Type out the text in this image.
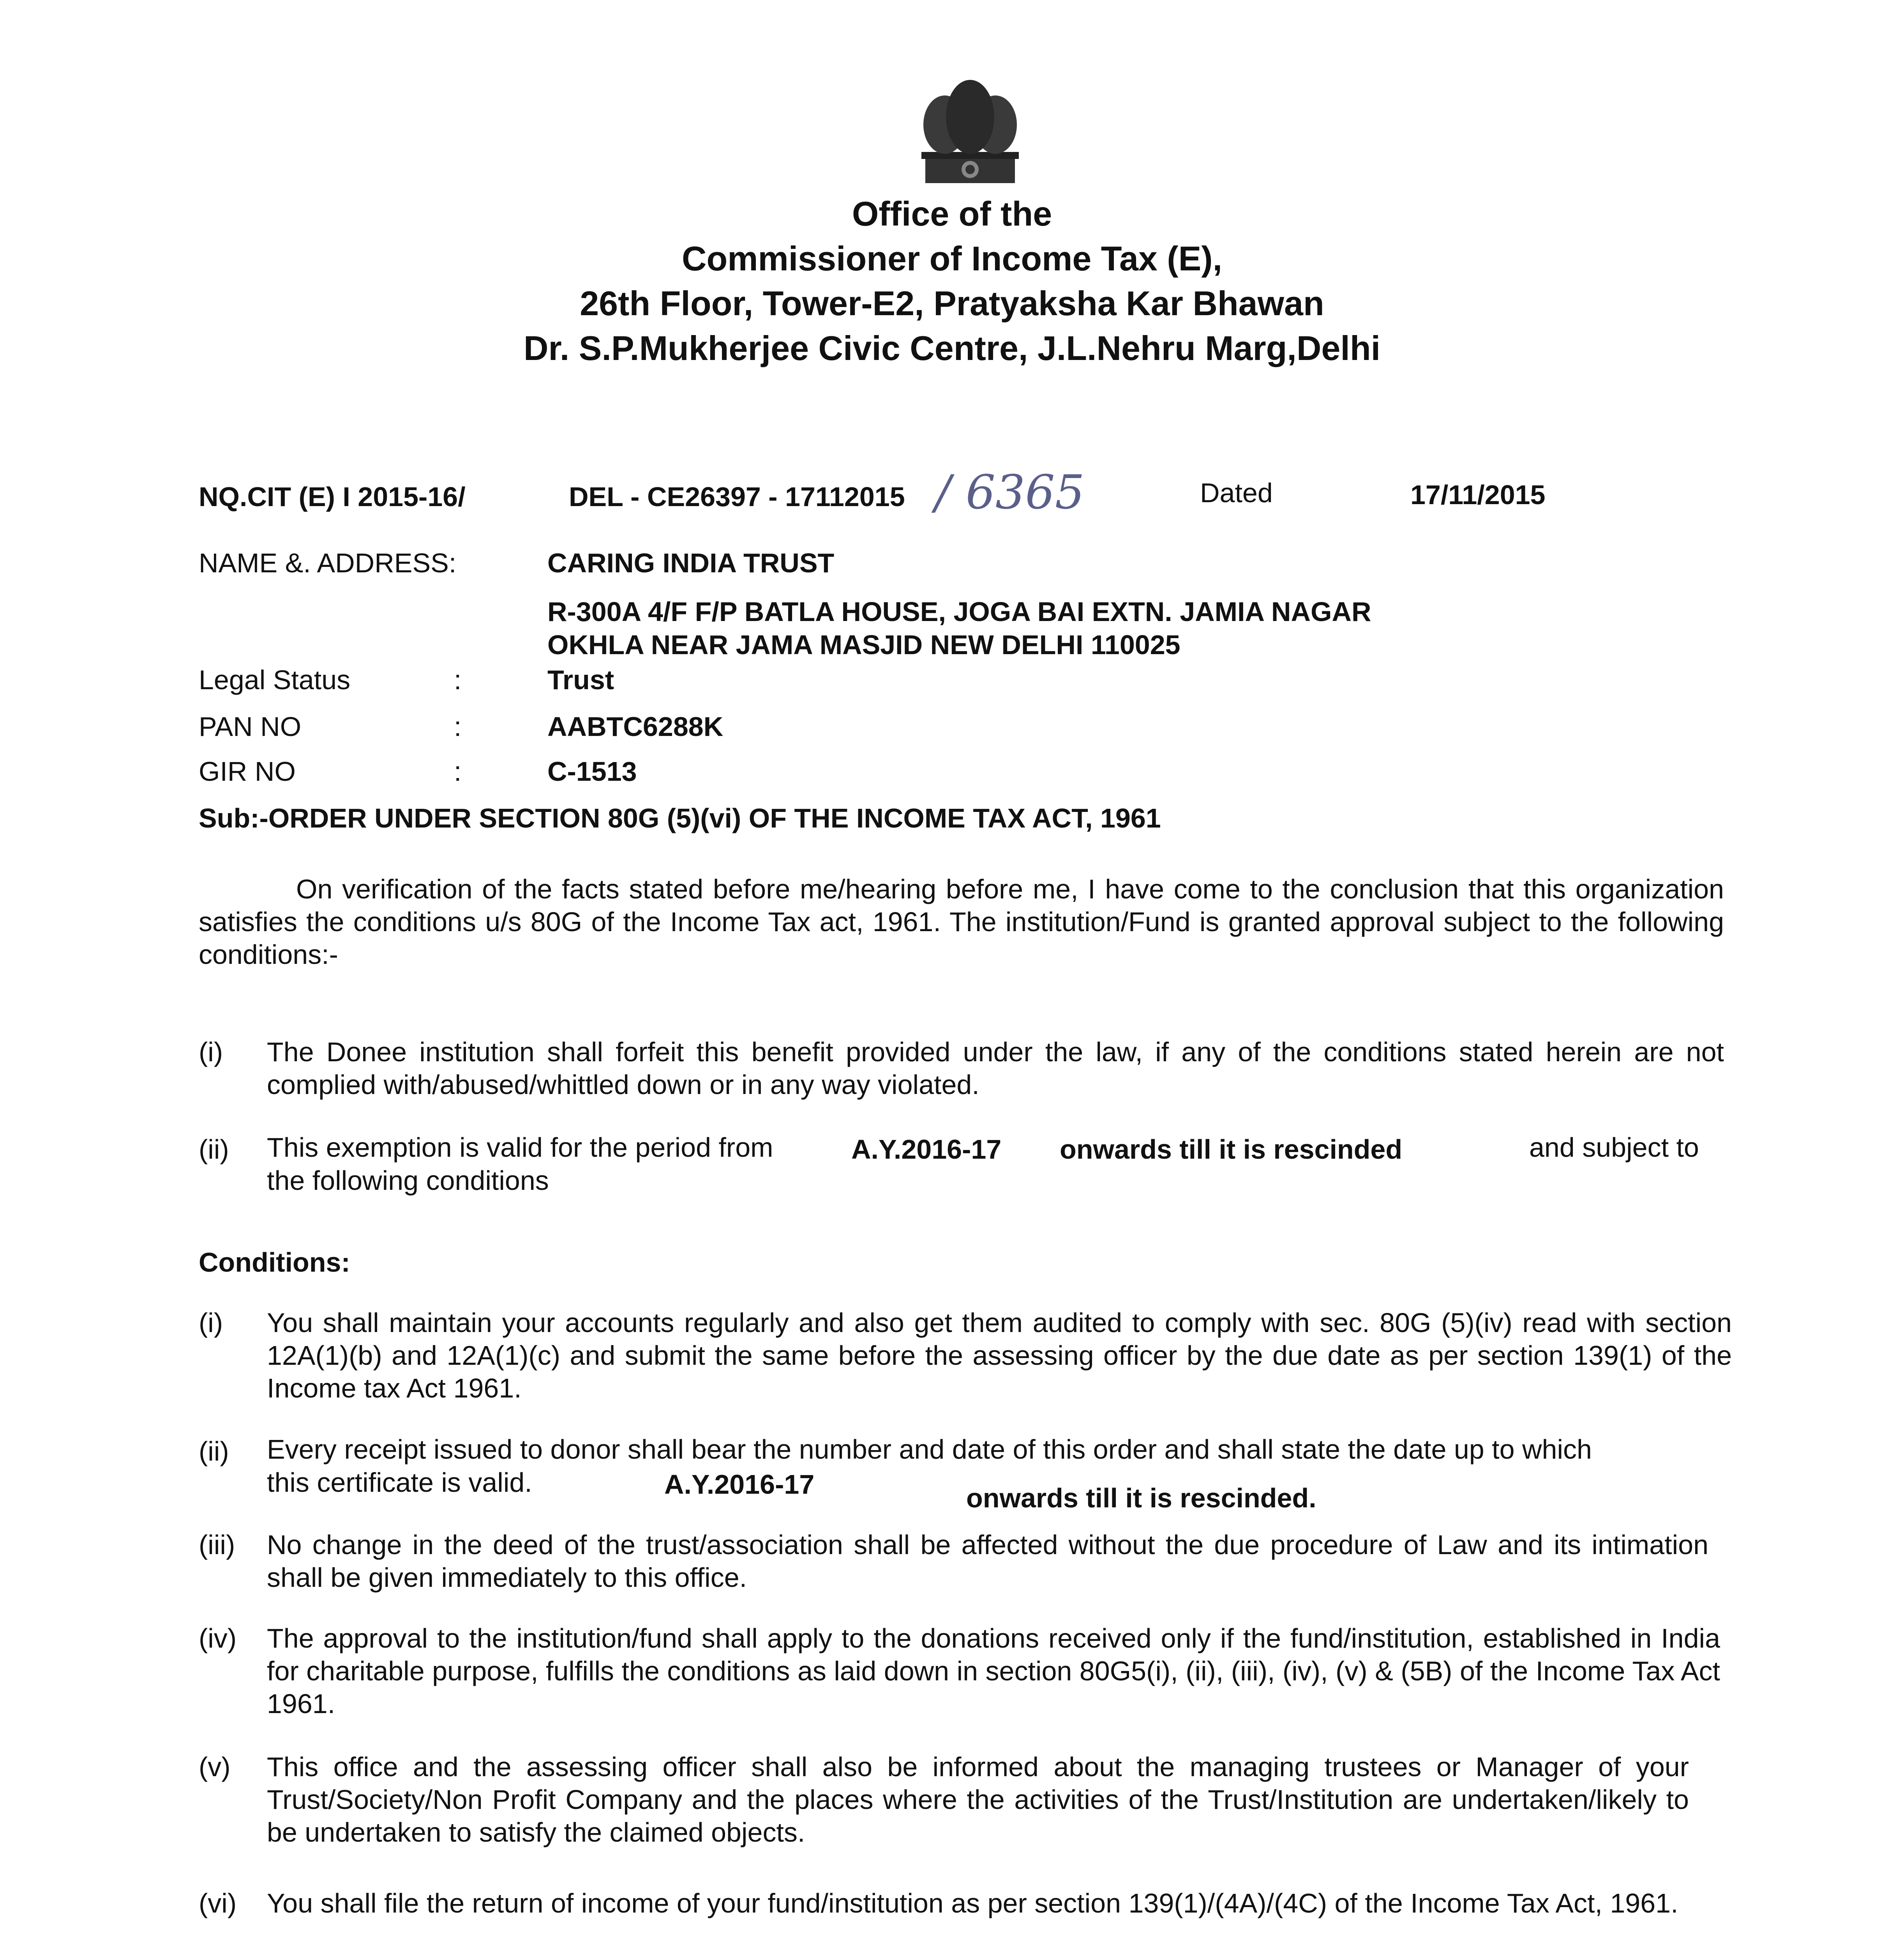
Office of the
Commissioner of Income Tax (E),
26th Floor, Tower-E2, Pratyaksha Kar Bhawan
Dr. S.P.Mukherjee Civic Centre, J.L.Nehru Marg,Delhi
NQ.CIT (E) I 2015-16/	DEL - CE26397 - 17112015 / 6365	Dated	17/11/2015
NAME &. ADDRESS:	CARING INDIA TRUST
R-300A 4/F F/P BATLA HOUSE, JOGA BAI EXTN. JAMIA NAGAR
OKHLA NEAR JAMA MASJID NEW DELHI 110025
Legal Status	:	Trust
PAN NO	:	AABTC6288K
GIR NO	:	C-1513
Sub:-ORDER UNDER SECTION 80G (5)(vi) OF THE INCOME TAX ACT, 1961
On verification of the facts stated before me/hearing before me, I have come to the conclusion that this organization satisfies the conditions u/s 80G of the Income Tax act, 1961. The institution/Fund is granted approval subject to the following conditions:-
(i) The Donee institution shall forfeit this benefit provided under the law, if any of the conditions stated herein are not complied with/abused/whittled down or in any way violated.
(ii) This exemption is valid for the period from	A.Y.2016-17 onwards till it is rescinded	and subject to
the following conditions
Conditions:
(i) You shall maintain your accounts regularly and also get them audited to comply with sec. 80G (5)(iv) read with section 12A(1)(b) and 12A(1)(c) and submit the same before the assessing officer by the due date as per section 139(1) of the Income tax Act 1961.
(ii) Every receipt issued to donor shall bear the number and date of this order and shall state the date up to which
this certificate is valid.	A.Y.2016-17	onwards till it is rescinded.
(iii) No change in the deed of the trust/association shall be affected without the due procedure of Law and its intimation shall be given immediately to this office.
(iv) The approval to the institution/fund shall apply to the donations received only if the fund/institution, established in India for charitable purpose, fulfills the conditions as laid down in section 80G5(i), (ii), (iii), (iv), (v) & (5B) of the Income Tax Act 1961.
(v) This office and the assessing officer shall also be informed about the managing trustees or Manager of your Trust/Society/Non Profit Company and the places where the activities of the Trust/Institution are undertaken/likely to be undertaken to satisfy the claimed objects.
(vi) You shall file the return of income of your fund/institution as per section 139(1)/(4A)/(4C) of the Income Tax Act, 1961.
